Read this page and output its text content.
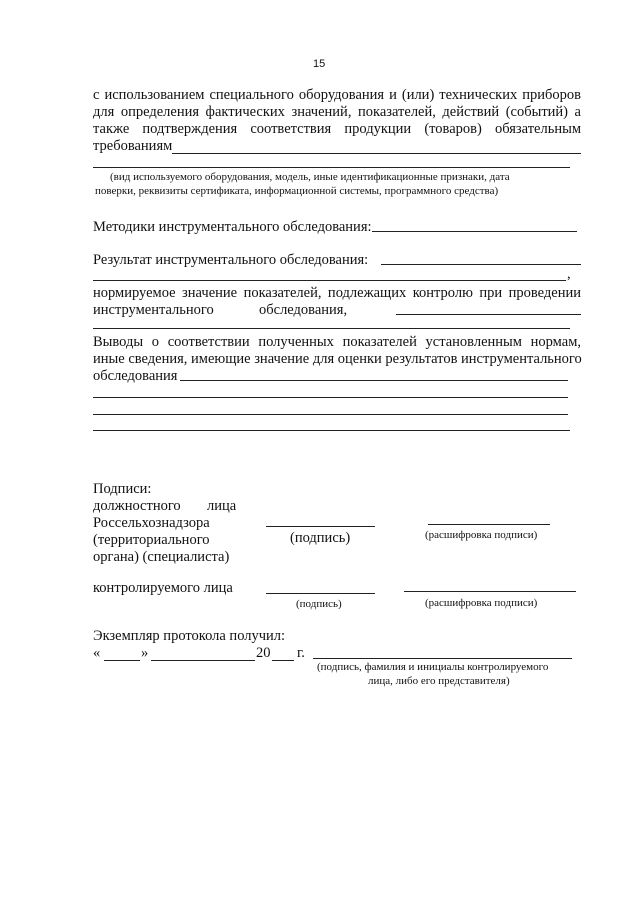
15
с использованием специального оборудования и (или) технических приборов
для определения фактических значений, показателей, действий (событий) а
также подтверждения соответствия продукции (товаров) обязательным
требованиям
(вид используемого оборудования, модель, иные идентификационные признаки, дата
поверки, реквизиты сертификата, информационной системы, программного средства)
Методики инструментального обследования:
Результат инструментального обследования:
,
нормируемое значение показателей, подлежащих контролю при проведении
инструментального	обследования,
Выводы о соответствии полученных показателей установленным нормам,
иные сведения, имеющие значение для оценки результатов инструментального
обследования
Подписи:
должностного лица
Россельхознадзора
(территориального
органа) (специалиста)
(подпись)	(расшифровка подписи)
контролируемого лица
(подпись)	(расшифровка подписи)
Экземпляр протокола получил:
«	»	20 г.
(подпись, фамилия и инициалы контролируемого
лица, либо его представителя)
